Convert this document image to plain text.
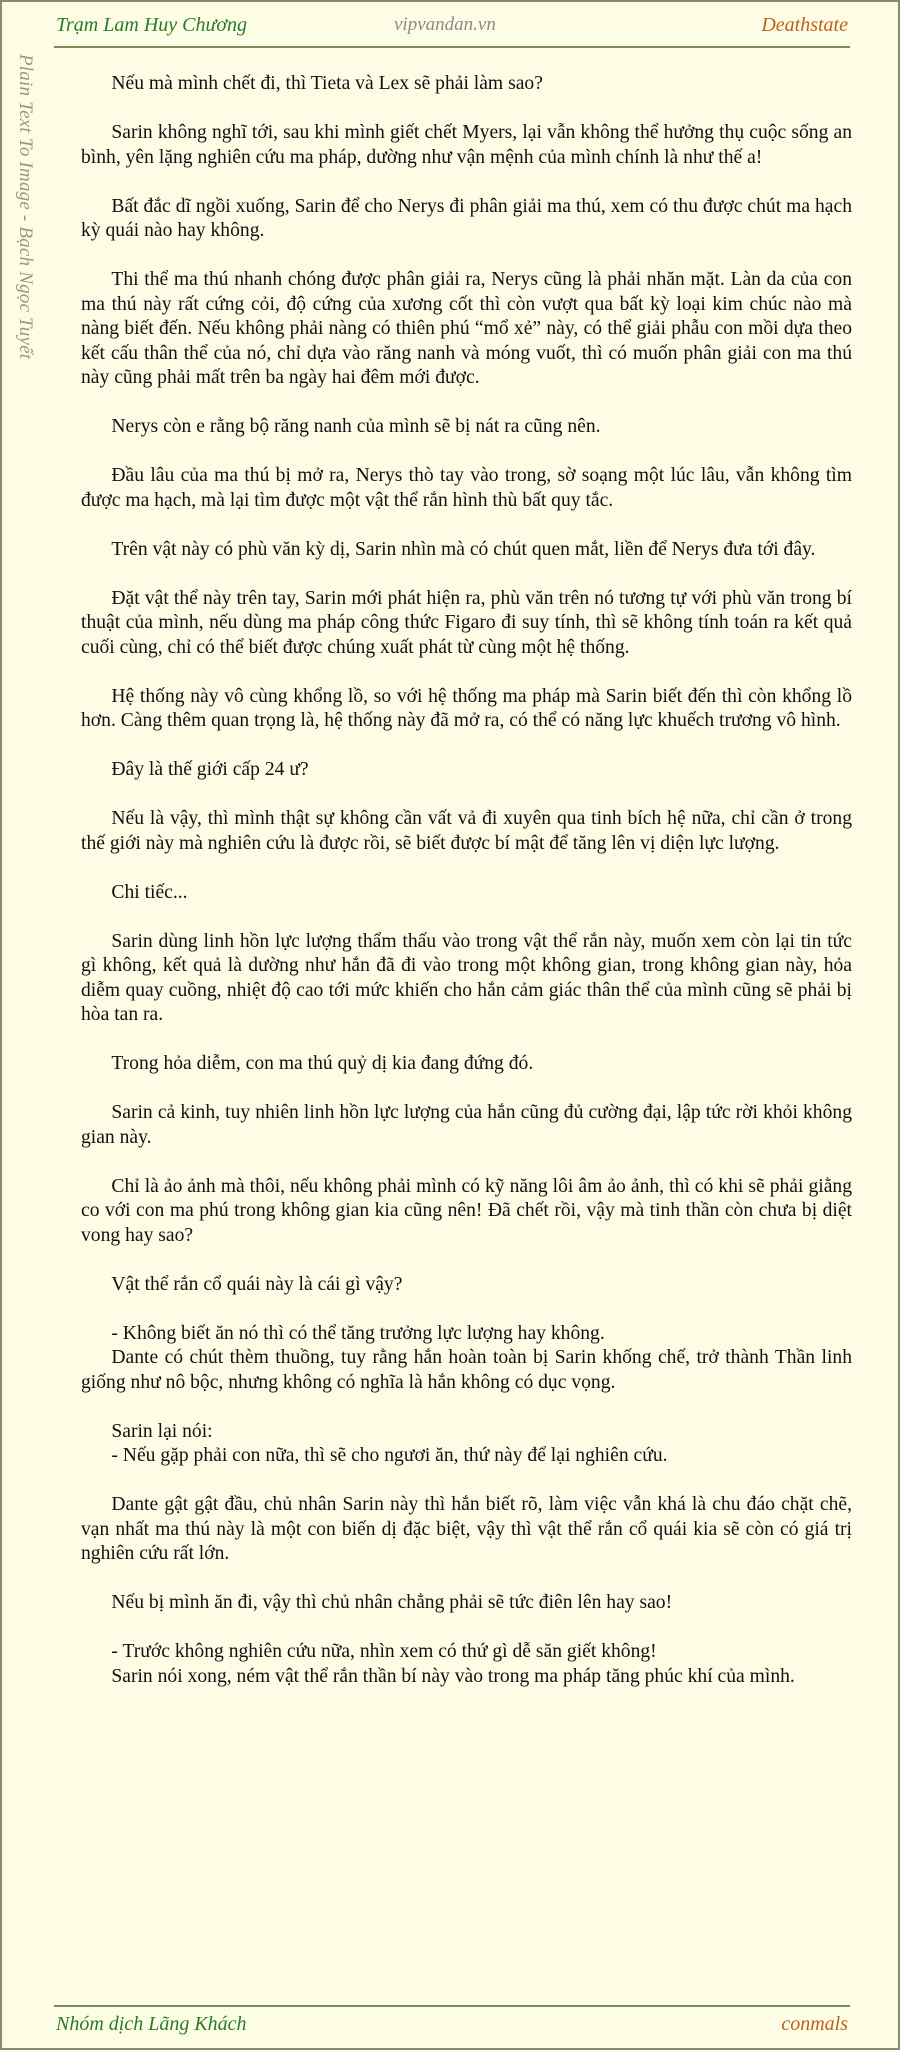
Trạm Lam Huy Chương	vipvandan.vn	Deathstate
Plain Text To Image - Bạch Ngọc Tuyết	Nếu mà mình chết đi, thì Tieta và Lex sẽ phải làm sao?

Sarin không nghĩ tới, sau khi mình giết chết Myers, lại vẫn không thể hưởng thụ cuộc sống an bình, yên lặng nghiên cứu ma pháp, dường như vận mệnh của mình chính là như thế a!

Bất đắc dĩ ngồi xuống, Sarin để cho Nerys đi phân giải ma thú, xem có thu được chút ma hạch kỳ quái nào hay không.

Thi thể ma thú nhanh chóng được phân giải ra, Nerys cũng là phải nhăn mặt. Làn da của con ma thú này rất cứng cỏi, độ cứng của xương cốt thì còn vượt qua bất kỳ loại kim chúc nào mà nàng biết đến. Nếu không phải nàng có thiên phú “mổ xẻ” này, có thể giải phẫu con mồi dựa theo kết cấu thân thể của nó, chỉ dựa vào răng nanh và móng vuốt, thì có muốn phân giải con ma thú này cũng phải mất trên ba ngày hai đêm mới được.

Nerys còn e rằng bộ răng nanh của mình sẽ bị nát ra cũng nên.

Đầu lâu của ma thú bị mở ra, Nerys thò tay vào trong, sờ soạng một lúc lâu, vẫn không tìm được ma hạch, mà lại tìm được một vật thể rắn hình thù bất quy tắc.

Trên vật này có phù văn kỳ dị, Sarin nhìn mà có chút quen mắt, liền để Nerys đưa tới đây.

Đặt vật thể này trên tay, Sarin mới phát hiện ra, phù văn trên nó tương tự với phù văn trong bí thuật của mình, nếu dùng ma pháp công thức Figaro đi suy tính, thì sẽ không tính toán ra kết quả cuối cùng, chỉ có thể biết được chúng xuất phát từ cùng một hệ thống.

Hệ thống này vô cùng khổng lồ, so với hệ thống ma pháp mà Sarin biết đến thì còn khổng lồ hơn. Càng thêm quan trọng là, hệ thống này đã mở ra, có thể có năng lực khuếch trương vô hình.

Đây là thế giới cấp 24 ư?

Nếu là vậy, thì mình thật sự không cần vất vả đi xuyên qua tinh bích hệ nữa, chỉ cần ở trong thế giới này mà nghiên cứu là được rồi, sẽ biết được bí mật để tăng lên vị diện lực lượng.

Chi tiếc...

Sarin dùng linh hồn lực lượng thẩm thấu vào trong vật thể rắn này, muốn xem còn lại tin tức gì không, kết quả là dường như hắn đã đi vào trong một không gian, trong không gian này, hỏa diễm quay cuồng, nhiệt độ cao tới mức khiến cho hắn cảm giác thân thể của mình cũng sẽ phải bị hòa tan ra.

Trong hỏa diễm, con ma thú quỷ dị kia đang đứng đó.

Sarin cả kinh, tuy nhiên linh hồn lực lượng của hắn cũng đủ cường đại, lập tức rời khỏi không gian này.

Chỉ là ảo ảnh mà thôi, nếu không phải mình có kỹ năng lôi âm ảo ảnh, thì có khi sẽ phải giằng co với con ma phú trong không gian kia cũng nên! Đã chết rồi, vậy mà tinh thần còn chưa bị diệt vong hay sao?

Vật thể rắn cổ quái này là cái gì vậy?

- Không biết ăn nó thì có thể tăng trưởng lực lượng hay không.

Dante có chút thèm thuồng, tuy rằng hắn hoàn toàn bị Sarin khống chế, trở thành Thần linh giống như nô bộc, nhưng không có nghĩa là hắn không có dục vọng.

Sarin lại nói:

- Nếu gặp phải con nữa, thì sẽ cho ngươi ăn, thứ này để lại nghiên cứu.

Dante gật gật đầu, chủ nhân Sarin này thì hắn biết rõ, làm việc vẫn khá là chu đáo chặt chẽ, vạn nhất ma thú này là một con biến dị đặc biệt, vậy thì vật thể rắn cổ quái kia sẽ còn có giá trị nghiên cứu rất lớn.

Nếu bị mình ăn đi, vậy thì chủ nhân chẳng phải sẽ tức điên lên hay sao!

- Trước không nghiên cứu nữa, nhìn xem có thứ gì dễ săn giết không!

Sarin nói xong, ném vật thể rắn thần bí này vào trong ma pháp tăng phúc khí của mình.

Nhóm dịch Lãng Khách	conmals
